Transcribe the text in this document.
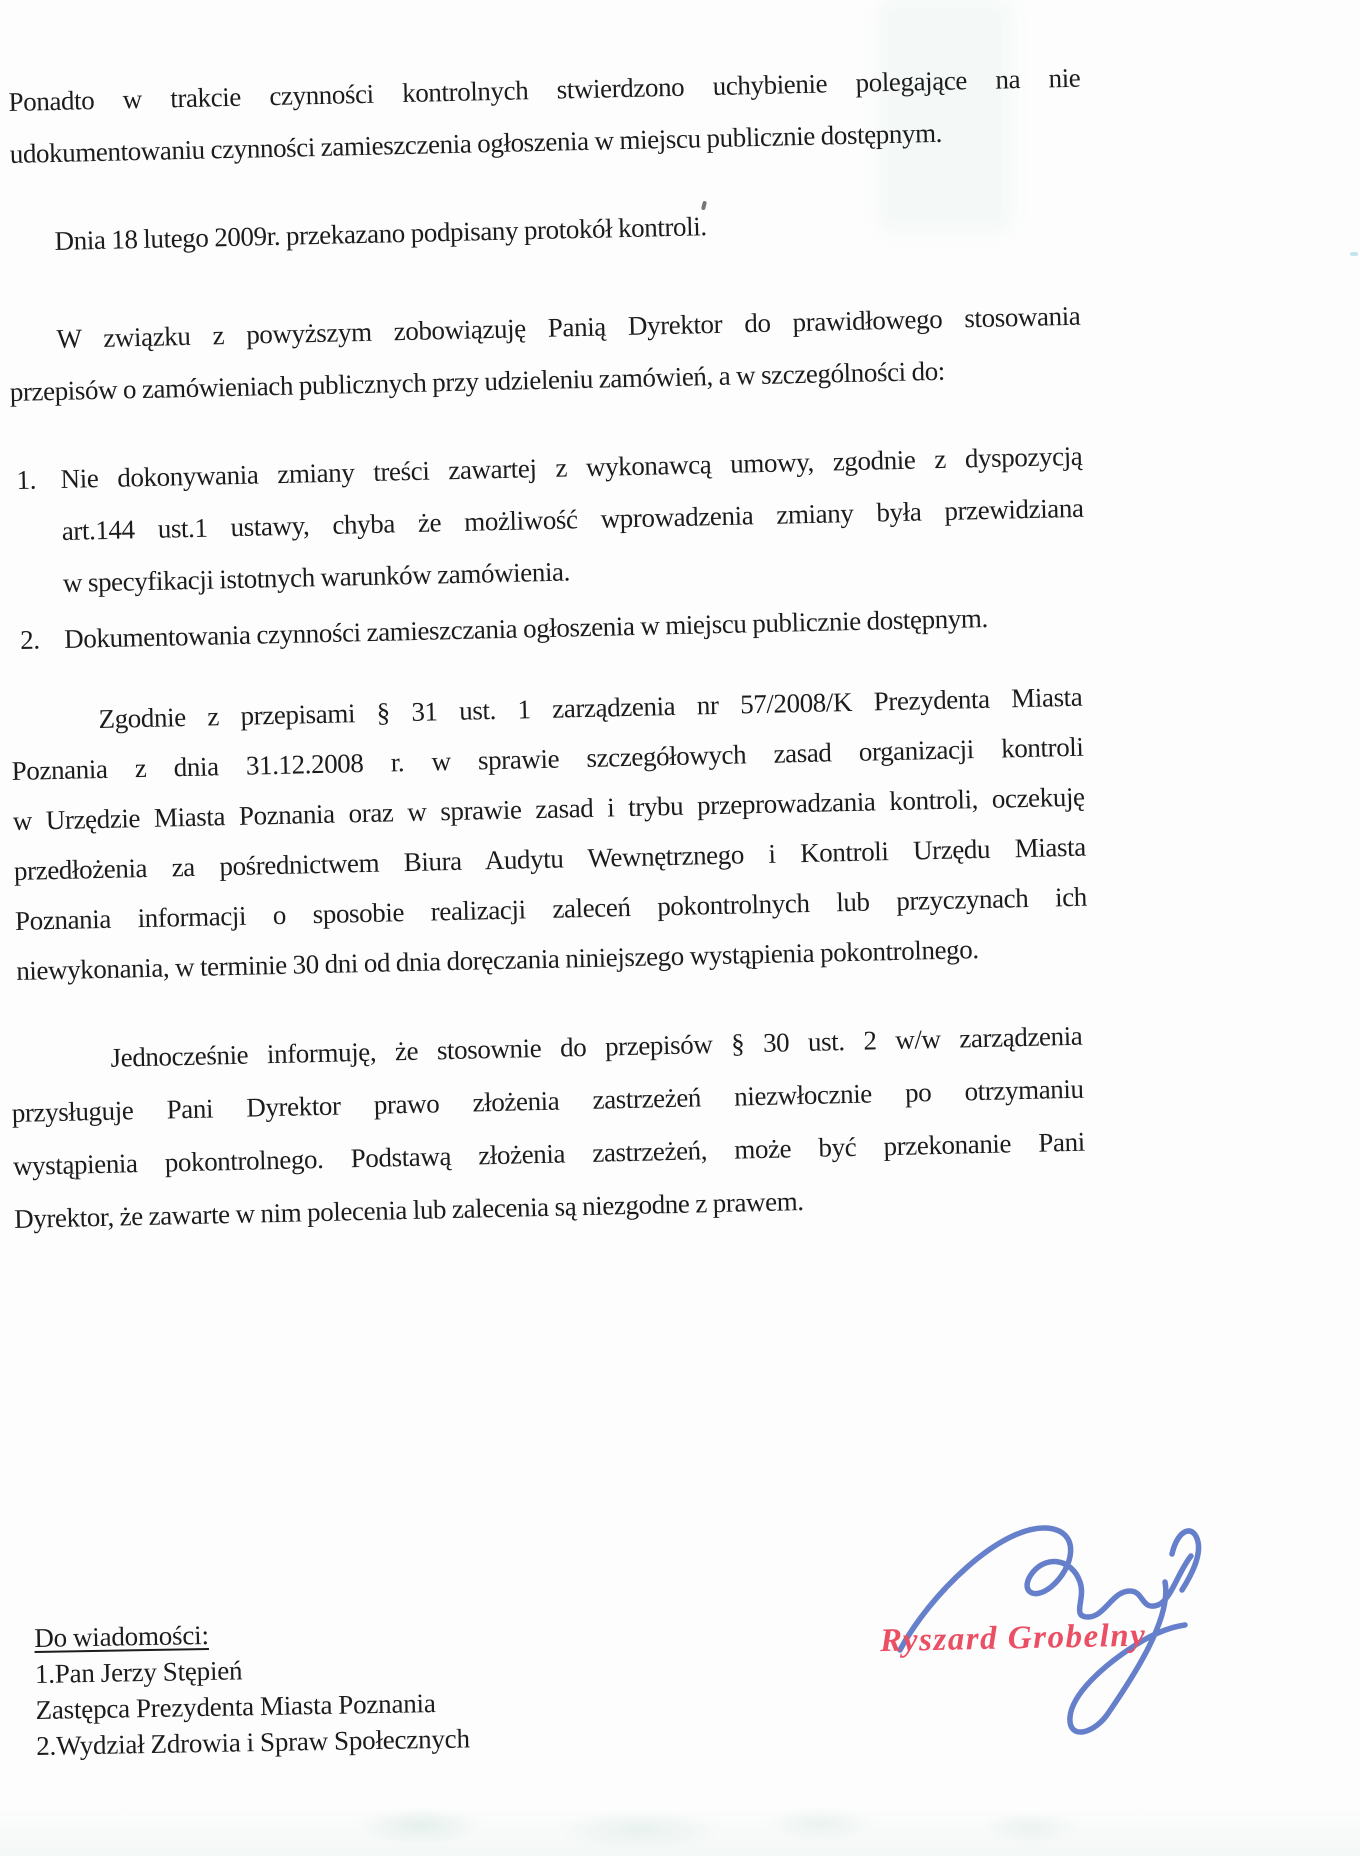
Ponadto w trakcie czynności kontrolnych stwierdzono uchybienie polegające na nie
udokumentowaniu czynności zamieszczenia ogłoszenia w miejscu publicznie dostępnym.
Dnia 18 lutego 2009r. przekazano podpisany protokół kontroli.
W związku z powyższym zobowiązuję Panią Dyrektor do prawidłowego stosowania
przepisów o zamówieniach publicznych przy udzieleniu zamówień, a w szczególności do:
1. Nie dokonywania zmiany treści zawartej z wykonawcą umowy, zgodnie z dyspozycją
art.144 ust.1 ustawy, chyba że możliwość wprowadzenia zmiany była przewidziana
w specyfikacji istotnych warunków zamówienia.
2. Dokumentowania czynności zamieszczania ogłoszenia w miejscu publicznie dostępnym.
Zgodnie z przepisami § 31 ust. 1 zarządzenia nr 57/2008/K Prezydenta Miasta
Poznania z dnia 31.12.2008 r. w sprawie szczegółowych zasad organizacji kontroli
w Urzędzie Miasta Poznania oraz w sprawie zasad i trybu przeprowadzania kontroli, oczekuję
przedłożenia za pośrednictwem Biura Audytu Wewnętrznego i Kontroli Urzędu Miasta
Poznania informacji o sposobie realizacji zaleceń pokontrolnych lub przyczynach ich
niewykonania, w terminie 30 dni od dnia doręczania niniejszego wystąpienia pokontrolnego.
Jednocześnie informuję, że stosownie do przepisów § 30 ust. 2 w/w zarządzenia
przysługuje Pani Dyrektor prawo złożenia zastrzeżeń niezwłocznie po otrzymaniu
wystąpienia pokontrolnego. Podstawą złożenia zastrzeżeń, może być przekonanie Pani
Dyrektor, że zawarte w nim polecenia lub zalecenia są niezgodne z prawem.
Ryszard Grobelny
Do wiadomości:
1.Pan Jerzy Stępień
Zastępca Prezydenta Miasta Poznania
2.Wydział Zdrowia i Spraw Społecznych
